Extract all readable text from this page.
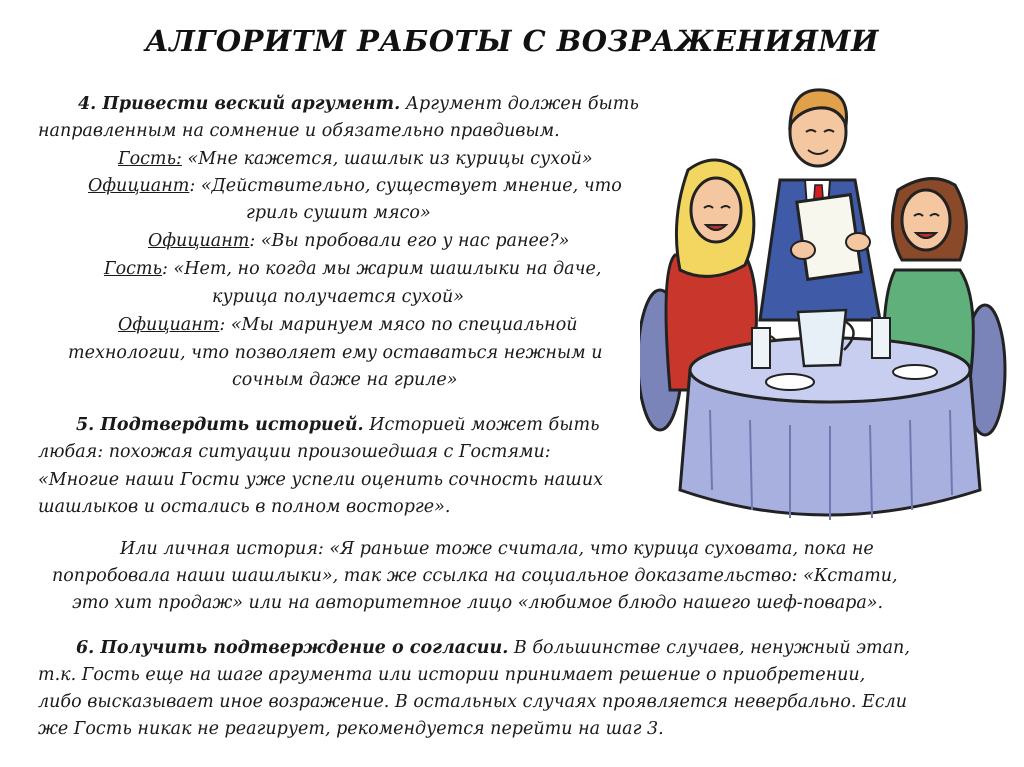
АЛГОРИТМ РАБОТЫ С ВОЗРАЖЕНИЯМИ
4. Привести веский аргумент. Аргумент должен быть
направленным на сомнение и обязательно правдивым.
Гость: «Мне кажется, шашлык из курицы сухой»
Официант: «Действительно, существует мнение, что
гриль сушит мясо»
Официант: «Вы пробовали его у нас ранее?»
Гость: «Нет, но когда мы жарим шашлыки на даче,
курица получается сухой»
Официант: «Мы маринуем мясо по специальной
технологии, что позволяет ему оставаться нежным и
сочным даже на гриле»
5. Подтвердить историей. Историей может быть
любая: похожая ситуации произошедшая с Гостями:
«Многие наши Гости уже успели оценить сочность наших
шашлыков и остались в полном восторге».
Или личная история: «Я раньше тоже считала, что курица суховата, пока не
попробовала наши шашлыки», так же ссылка на социальное доказательство: «Кстати,
это хит продаж» или на авторитетное лицо «любимое блюдо нашего шеф-повара».
6. Получить подтверждение о согласии. В большинстве случаев, ненужный этап,
т.к. Гость еще на шаге аргумента или истории принимает решение о приобретении,
либо высказывает иное возражение. В остальных случаях проявляется невербально. Если
же Гость никак не реагирует, рекомендуется перейти на шаг 3.
